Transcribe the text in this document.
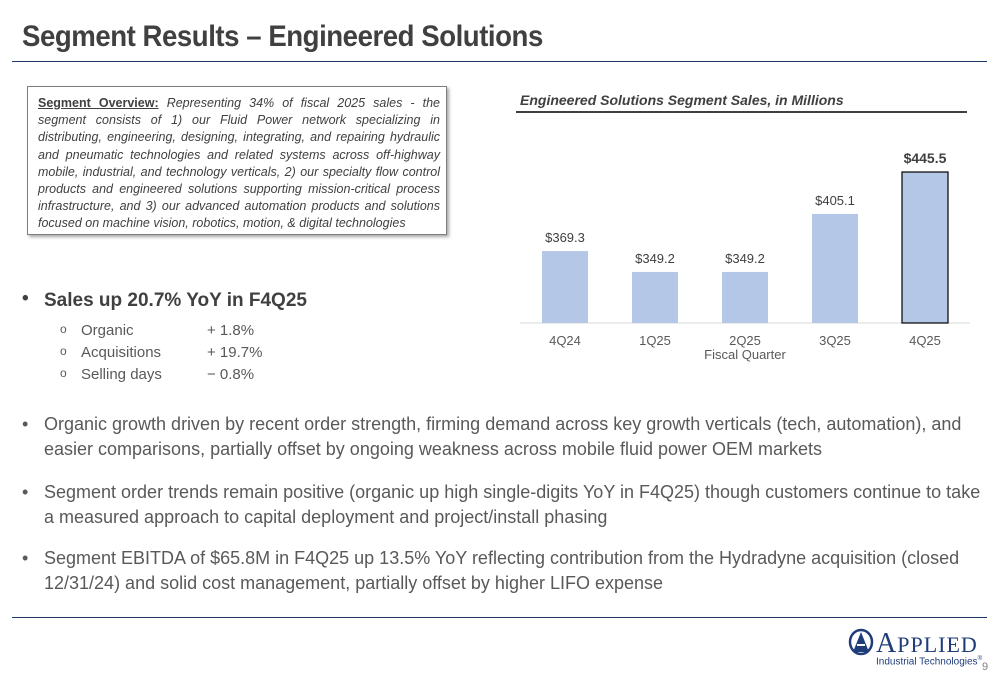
Segment Results – Engineered Solutions
Segment Overview: Representing 34% of fiscal 2025 sales - the segment consists of 1) our Fluid Power network specializing in distributing, engineering, designing, integrating, and repairing hydraulic and pneumatic technologies and related systems across off-highway mobile, industrial, and technology verticals, 2) our specialty flow control products and engineered solutions supporting mission-critical process infrastructure, and 3) our advanced automation products and solutions focused on machine vision, robotics, motion, & digital technologies
Engineered Solutions Segment Sales, in Millions
$369.3
4Q24
$349.2
1Q25
$349.2
2Q25
$405.1
3Q25
$445.5
4Q25
Fiscal Quarter
• Sales up 20.7% YoY in F4Q25
o Organic	+ 1.8%
o Acquisitions	+ 19.7%
o Selling days	− 0.8%
• Organic growth driven by recent order strength, firming demand across key growth verticals (tech, automation), and easier comparisons, partially offset by ongoing weakness across mobile fluid power OEM markets
• Segment order trends remain positive (organic up high single-digits YoY in F4Q25) though customers continue to take a measured approach to capital deployment and project/install phasing
• Segment EBITDA of $65.8M in F4Q25 up 13.5% YoY reflecting contribution from the Hydradyne acquisition (closed 12/31/24) and solid cost management, partially offset by higher LIFO expense
APPLIED
Industrial Technologies®
9
